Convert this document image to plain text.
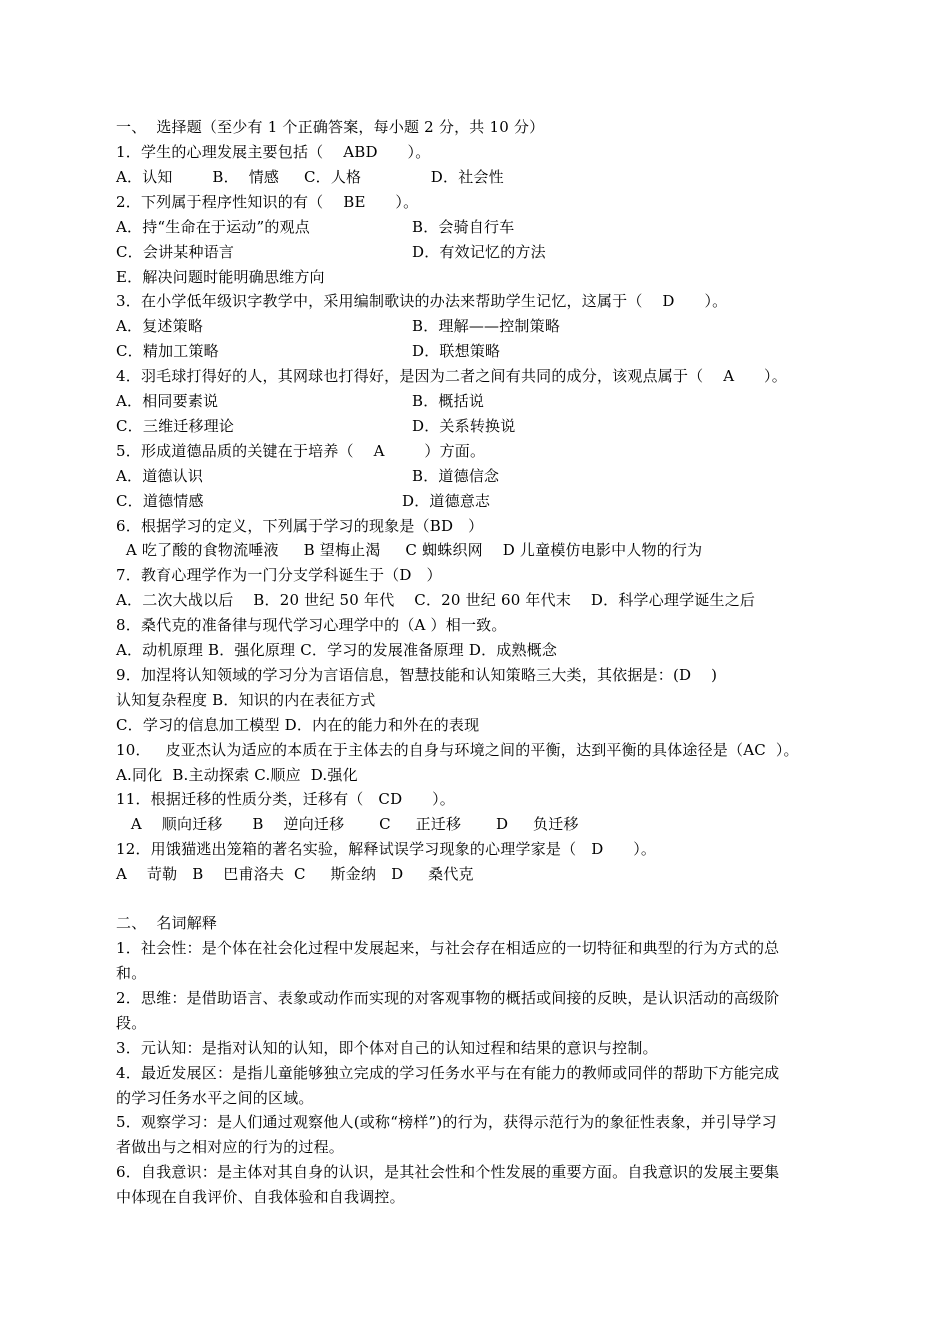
一、  选择题（至少有 1 个正确答案，每小题 2 分，共 10 分）
1．学生的心理发展主要包括（    ABD      ）。
A．认知        B．  情感     C．人格              D．社会性
2．下列属于程序性知识的有（    BE      ）。
A．持“生命在于运动”的观点	B．会骑自行车
C．会讲某种语言	D．有效记忆的方法
E．解决问题时能明确思维方向
3．在小学低年级识字教学中，采用编制歌诀的办法来帮助学生记忆，这属于（    D      ）。
A．复述策略	B．理解——控制策略
C．精加工策略	D．联想策略
4．羽毛球打得好的人，其网球也打得好，是因为二者之间有共同的成分，该观点属于（    A      ）。
A．相同要素说	B．概括说
C．三维迁移理论	D．关系转换说
5．形成道德品质的关键在于培养（    A        ）方面。
A．道德认识	B．道德信念
C．道德情感	D．道德意志
6．根据学习的定义，下列属于学习的现象是（BD   ）
A 吃了酸的食物流唾液     B 望梅止渴     C 蜘蛛织网    D 儿童模仿电影中人物的行为
7．教育心理学作为一门分支学科诞生于（D   ）
A．二次大战以后    B．20 世纪 50 年代    C．20 世纪 60 年代末    D．科学心理学诞生之后
8．桑代克的准备律与现代学习心理学中的（A ）相一致。
A．动机原理 B．强化原理 C．学习的发展准备原理 D．成熟概念
9．加涅将认知领域的学习分为言语信息，智慧技能和认知策略三大类，其依据是：(D    )
认知复杂程度 B．知识的内在表征方式
C．学习的信息加工模型 D．内在的能力和外在的表现
10．   皮亚杰认为适应的本质在于主体去的自身与环境之间的平衡，达到平衡的具体途径是（AC  ）。
A.同化  B.主动探索 C.顺应  D.强化
11．根据迁移的性质分类，迁移有（   CD      ）。
A    顺向迁移      B    逆向迁移       C     正迁移       D     负迁移
12．用饿猫逃出笼箱的著名实验，解释试误学习现象的心理学家是（   D      ）。
A    苛勒   B    巴甫洛夫  C     斯金纳   D     桑代克
二、  名词解释
1．社会性：是个体在社会化过程中发展起来，与社会存在相适应的一切特征和典型的行为方式的总
和。
2．思维：是借助语言、表象或动作而实现的对客观事物的概括或间接的反映，是认识活动的高级阶
段。
3．元认知：是指对认知的认知，即个体对自己的认知过程和结果的意识与控制。
4．最近发展区：是指儿童能够独立完成的学习任务水平与在有能力的教师或同伴的帮助下方能完成
的学习任务水平之间的区域。
5．观察学习：是人们通过观察他人(或称“榜样”)的行为，获得示范行为的象征性表象，并引导学习
者做出与之相对应的行为的过程。
6．自我意识：是主体对其自身的认识，是其社会性和个性发展的重要方面。自我意识的发展主要集
中体现在自我评价、自我体验和自我调控。
